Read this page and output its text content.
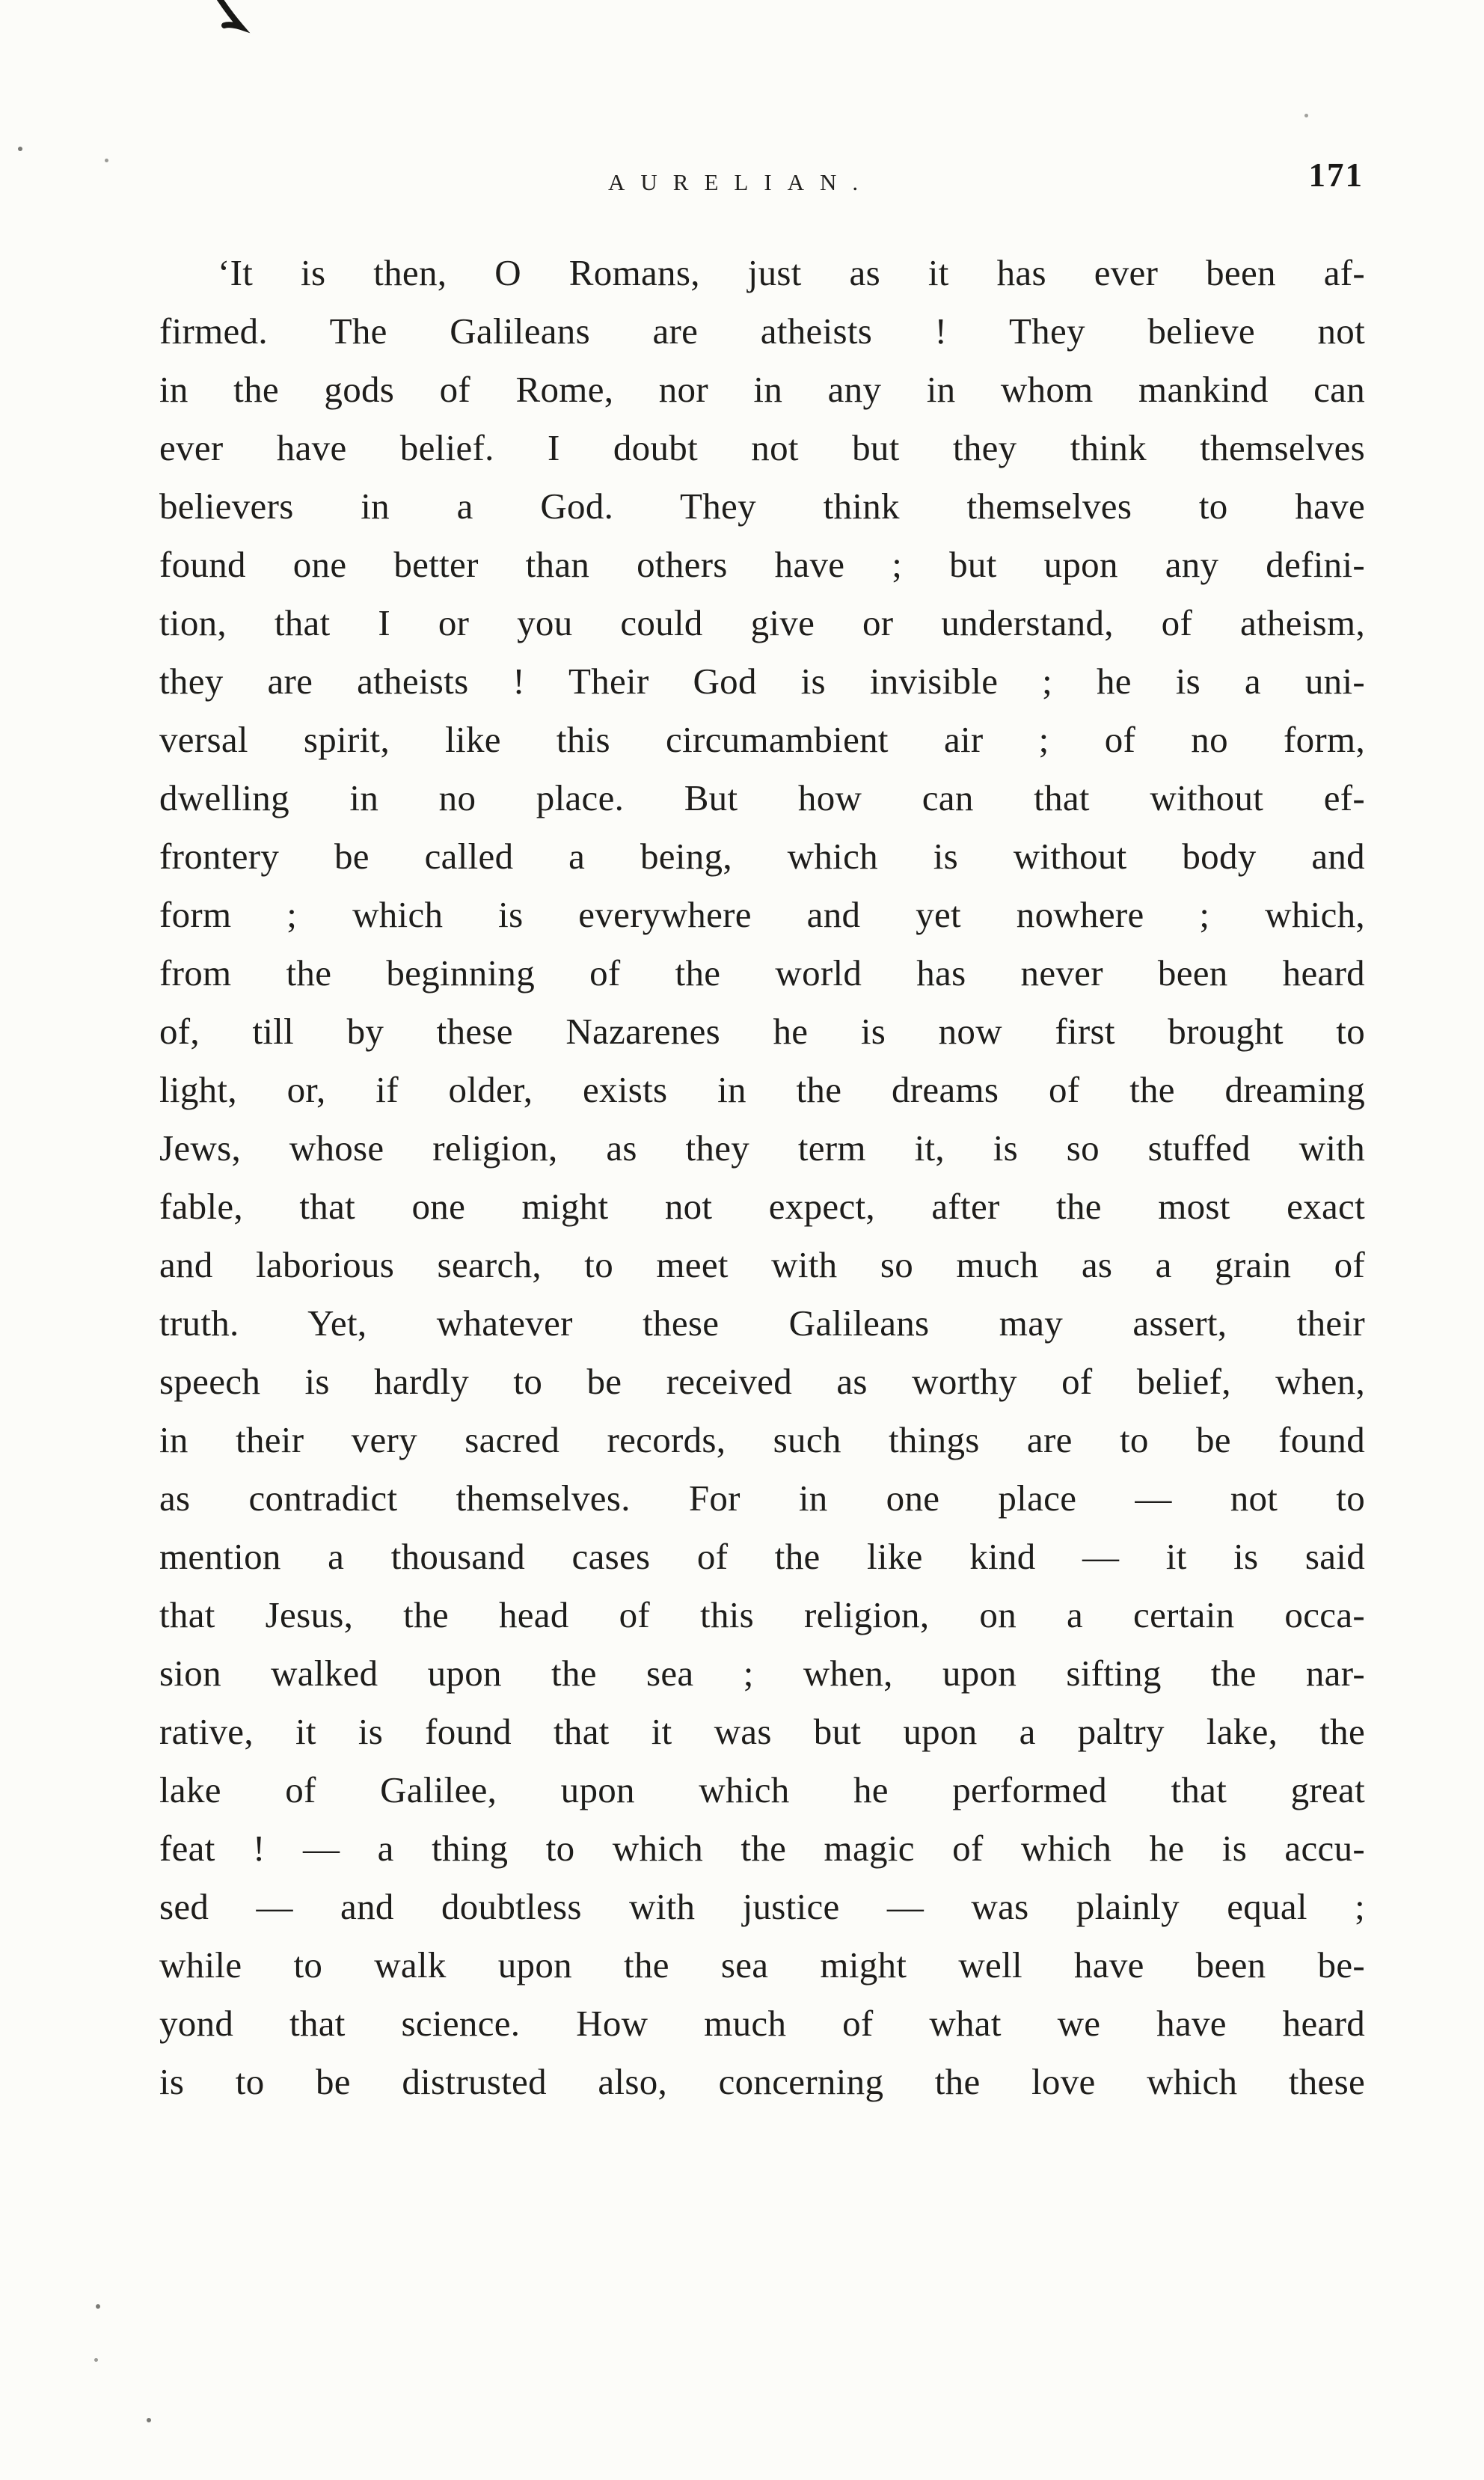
AURELIAN.	171
‘It is then, O Romans, just as it has ever been af-
firmed. The Galileans are atheists ! They believe not
in the gods of Rome, nor in any in whom mankind can
ever have belief. I doubt not but they think themselves
believers in a God. They think themselves to have
found one better than others have ; but upon any defini-
tion, that I or you could give or understand, of atheism,
they are atheists ! Their God is invisible ; he is a uni-
versal spirit, like this circumambient air ; of no form,
dwelling in no place. But how can that without ef-
frontery be called a being, which is without body and
form ; which is everywhere and yet nowhere ; which,
from the beginning of the world has never been heard
of, till by these Nazarenes he is now first brought to
light, or, if older, exists in the dreams of the dreaming
Jews, whose religion, as they term it, is so stuffed with
fable, that one might not expect, after the most exact
and laborious search, to meet with so much as a grain of
truth. Yet, whatever these Galileans may assert, their
speech is hardly to be received as worthy of belief, when,
in their very sacred records, such things are to be found
as contradict themselves. For in one place — not to
mention a thousand cases of the like kind — it is said
that Jesus, the head of this religion, on a certain occa-
sion walked upon the sea ; when, upon sifting the nar-
rative, it is found that it was but upon a paltry lake, the
lake of Galilee, upon which he performed that great
feat ! — a thing to which the magic of which he is accu-
sed — and doubtless with justice — was plainly equal ;
while to walk upon the sea might well have been be-
yond that science. How much of what we have heard
is to be distrusted also, concerning the love which these
